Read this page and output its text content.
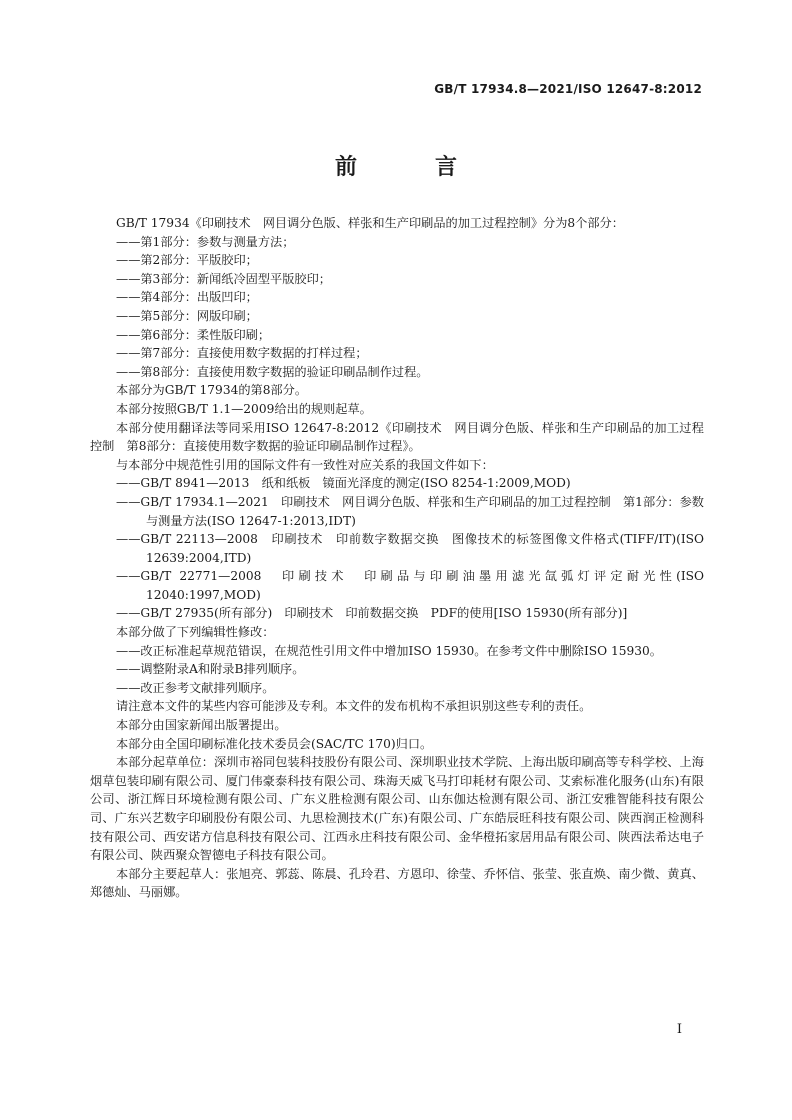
GB/T 17934.8—2021/ISO 12647-8:2012
前　言

GB/T 17934《印刷技术　网目调分色版、样张和生产印刷品的加工过程控制》分为8个部分：

——第1部分：参数与测量方法；

——第2部分：平版胶印；

——第3部分：新闻纸冷固型平版胶印；

——第4部分：出版凹印；

——第5部分：网版印刷；

——第6部分：柔性版印刷；

——第7部分：直接使用数字数据的打样过程；

——第8部分：直接使用数字数据的验证印刷品制作过程。

本部分为GB/T 17934的第8部分。

本部分按照GB/T 1.1—2009给出的规则起草。

本部分使用翻译法等同采用ISO 12647-8:2012《印刷技术　网目调分色版、样张和生产印刷品的加工过程控制　第8部分：直接使用数字数据的验证印刷品制作过程》。

与本部分中规范性引用的国际文件有一致性对应关系的我国文件如下：

——GB/T 8941—2013　纸和纸板　镜面光泽度的测定(ISO 8254-1:2009,MOD)

——GB/T 17934.1—2021　印刷技术　网目调分色版、样张和生产印刷品的加工过程控制　第1部分：参数与测量方法(ISO 12647-1:2013,IDT)

——GB/T 22113—2008　印刷技术　印前数字数据交换　图像技术的标签图像文件格式(TIFF/IT)(ISO 12639:2004,ITD)

——GB/T 22771—2008　印刷技术　印刷品与印刷油墨用滤光氙弧灯评定耐光性(ISO 12040:1997,MOD)

——GB/T 27935(所有部分)　印刷技术　印前数据交换　PDF的使用[ISO 15930(所有部分)]

本部分做了下列编辑性修改：

——改正标准起草规范错误，在规范性引用文件中增加ISO 15930。在参考文件中删除ISO 15930。

——调整附录A和附录B排列顺序。

——改正参考文献排列顺序。

请注意本文件的某些内容可能涉及专利。本文件的发布机构不承担识别这些专利的责任。

本部分由国家新闻出版署提出。

本部分由全国印刷标准化技术委员会(SAC/TC 170)归口。

本部分起草单位：深圳市裕同包装科技股份有限公司、深圳职业技术学院、上海出版印刷高等专科学校、上海烟草包装印刷有限公司、厦门伟豪泰科技有限公司、珠海天威飞马打印耗材有限公司、艾索标准化服务(山东)有限公司、浙江辉日环境检测有限公司、广东义胜检测有限公司、山东伽达检测有限公司、浙江安雅智能科技有限公司、广东兴艺数字印刷股份有限公司、九思检测技术(广东)有限公司、广东皓辰旺科技有限公司、陕西润正检测科技有限公司、西安诺方信息科技有限公司、江西永庄科技有限公司、金华橙拓家居用品有限公司、陕西法希达电子有限公司、陕西聚众智德电子科技有限公司。

本部分主要起草人：张旭亮、郭蕊、陈晨、孔玲君、方恩印、徐莹、乔怀信、张莹、张直焕、南少微、黄真、郑德灿、马丽娜。

I
